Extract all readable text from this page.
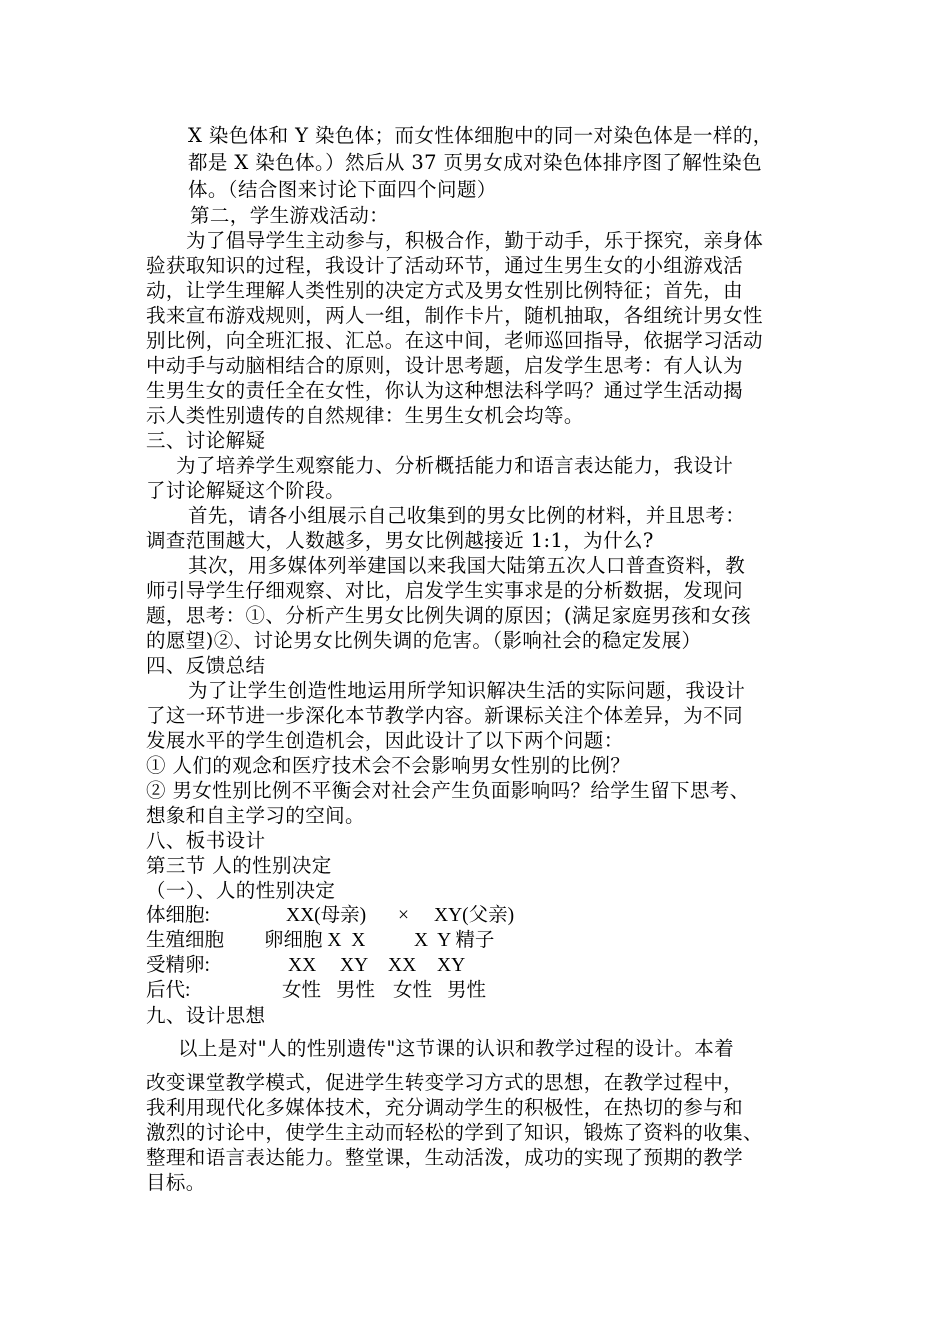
X 染色体和 Y 染色体；而女性体细胞中的同一对染色体是一样的，

都是 X 染色体。）然后从 37 页男女成对染色体排序图了解性染色

体。（结合图来讨论下面四个问题）

第二，学生游戏活动：

为了倡导学生主动参与，积极合作，勤于动手，乐于探究，亲身体

验获取知识的过程，我设计了活动环节，通过生男生女的小组游戏活

动，让学生理解人类性别的决定方式及男女性别比例特征；首先，由

我来宣布游戏规则，两人一组，制作卡片，随机抽取，各组统计男女性

别比例，向全班汇报、汇总。在这中间，老师巡回指导，依据学习活动

中动手与动脑相结合的原则，设计思考题，启发学生思考：有人认为

生男生女的责任全在女性，你认为这种想法科学吗？通过学生活动揭

示人类性别遗传的自然规律：生男生女机会均等。

三、讨论解疑

为了培养学生观察能力、分析概括能力和语言表达能力，我设计

了讨论解疑这个阶段。

首先，请各小组展示自己收集到的男女比例的材料，并且思考：

调查范围越大，人数越多，男女比例越接近 1:1，为什么?

其次，用多媒体列举建国以来我国大陆第五次人口普查资料，教

师引导学生仔细观察、对比，启发学生实事求是的分析数据，发现问

题，思考：①、分析产生男女比例失调的原因；(满足家庭男孩和女孩

的愿望)②、讨论男女比例失调的危害。（影响社会的稳定发展）

四、反馈总结

为了让学生创造性地运用所学知识解决生活的实际问题，我设计

了这一环节进一步深化本节教学内容。新课标关注个体差异，为不同

发展水平的学生创造机会，因此设计了以下两个问题：

① 人们的观念和医疗技术会不会影响男女性别的比例？

② 男女性别比例不平衡会对社会产生负面影响吗？给学生留下思考、

想象和自主学习的空间。

八、板书设计

第三节 人的性别决定

（一）、人的性别决定

体细胞:	XX(母亲) × XY(父亲)
生殖细胞 卵细胞 X  X X  Y 精子
受精卵:	XX XY XX XY
后代:	女性 男性 女性 男性

九、设计思想

以上是对"人的性别遗传"这节课的认识和教学过程的设计。本着

改变课堂教学模式，促进学生转变学习方式的思想，在教学过程中，

我利用现代化多媒体技术，充分调动学生的积极性，在热切的参与和

激烈的讨论中，使学生主动而轻松的学到了知识，锻炼了资料的收集、

整理和语言表达能力。整堂课，生动活泼，成功的实现了预期的教学

目标。
